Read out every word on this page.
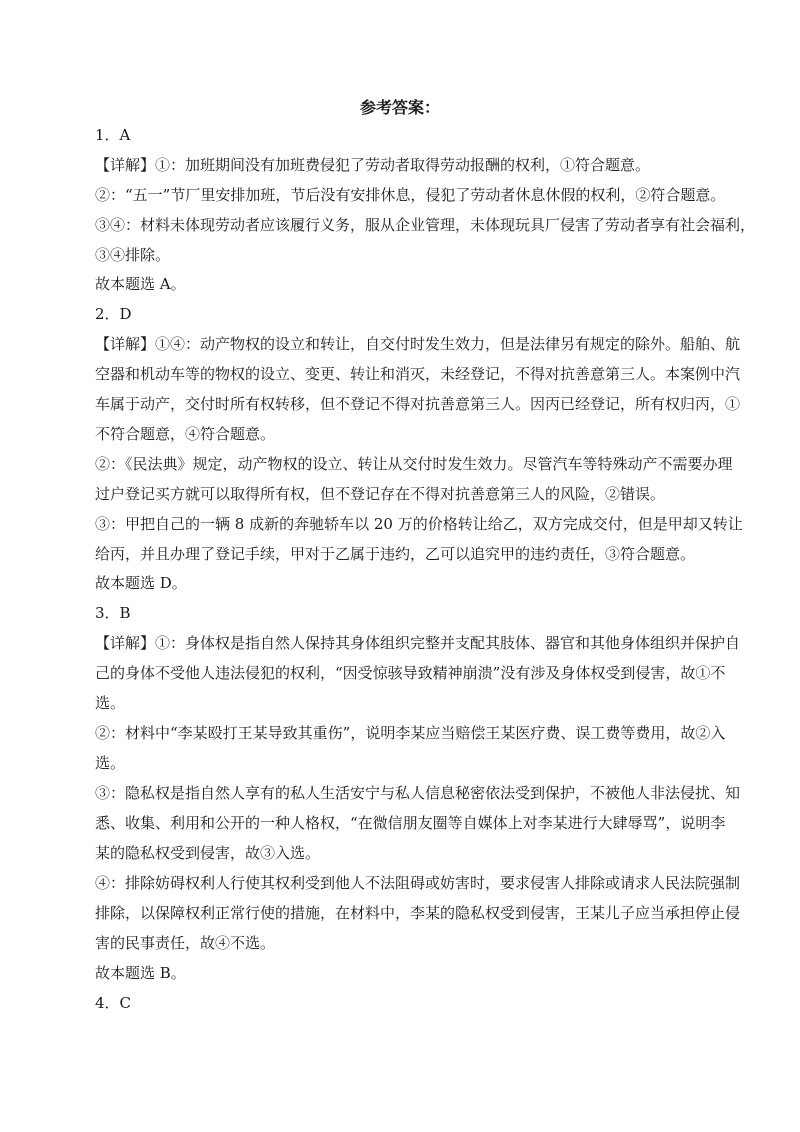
参考答案：
1．A
【详解】①：加班期间没有加班费侵犯了劳动者取得劳动报酬的权利，①符合题意。
②：“五一”节厂里安排加班，节后没有安排休息，侵犯了劳动者休息休假的权利，②符合题意。
③④：材料未体现劳动者应该履行义务，服从企业管理，未体现玩具厂侵害了劳动者享有社会福利，
③④排除。
故本题选 A。
2．D
【详解】①④：动产物权的设立和转让，自交付时发生效力，但是法律另有规定的除外。船舶、航
空器和机动车等的物权的设立、变更、转让和消灭，未经登记，不得对抗善意第三人。本案例中汽
车属于动产，交付时所有权转移，但不登记不得对抗善意第三人。因丙已经登记，所有权归丙，①
不符合题意，④符合题意。
②：《民法典》规定，动产物权的设立、转让从交付时发生效力。尽管汽车等特殊动产不需要办理
过户登记买方就可以取得所有权，但不登记存在不得对抗善意第三人的风险，②错误。
③：甲把自己的一辆 8 成新的奔驰轿车以 20 万的价格转让给乙，双方完成交付，但是甲却又转让
给丙，并且办理了登记手续，甲对于乙属于违约，乙可以追究甲的违约责任，③符合题意。
故本题选 D。
3．B
【详解】①：身体权是指自然人保持其身体组织完整并支配其肢体、器官和其他身体组织并保护自
己的身体不受他人违法侵犯的权利，“因受惊骇导致精神崩溃”没有涉及身体权受到侵害，故①不
选。
②：材料中“李某殴打王某导致其重伤”，说明李某应当赔偿王某医疗费、误工费等费用，故②入
选。
③：隐私权是指自然人享有的私人生活安宁与私人信息秘密依法受到保护，不被他人非法侵扰、知
悉、收集、利用和公开的一种人格权，“在微信朋友圈等自媒体上对李某进行大肆辱骂”，说明李
某的隐私权受到侵害，故③入选。
④：排除妨碍权利人行使其权利受到他人不法阻碍或妨害时，要求侵害人排除或请求人民法院强制
排除，以保障权利正常行使的措施，在材料中，李某的隐私权受到侵害，王某儿子应当承担停止侵
害的民事责任，故④不选。
故本题选 B。
4．C
